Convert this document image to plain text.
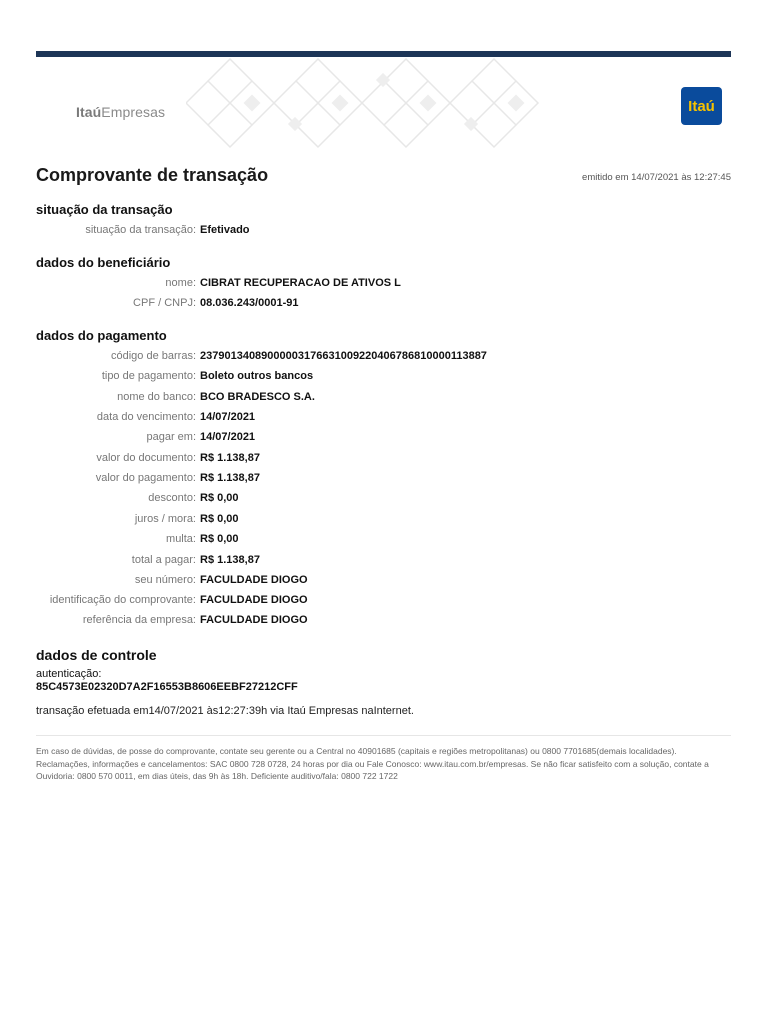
ItaúEmpresas	Itaú
Comprovante de transação	emitido em 14/07/2021 às 12:27:45
situação da transação
situação da transação: Efetivado
dados do beneficiário
nome: CIBRAT RECUPERACAO DE ATIVOS L
CPF / CNPJ: 08.036.243/0001-91
dados do pagamento
código de barras: 23790134089000003176631009220406786810000113887
tipo de pagamento: Boleto outros bancos
nome do banco: BCO BRADESCO S.A.
data do vencimento: 14/07/2021
pagar em: 14/07/2021
valor do documento: R$ 1.138,87
valor do pagamento: R$ 1.138,87
desconto: R$ 0,00
juros / mora: R$ 0,00
multa: R$ 0,00
total a pagar: R$ 1.138,87
seu número: FACULDADE DIOGO
identificação do comprovante: FACULDADE DIOGO
referência da empresa: FACULDADE DIOGO
dados de controle
autenticação:
85C4573E02320D7A2F16553B8606EEBF27212CFF
transação efetuada em14/07/2021 às12:27:39h via Itaú Empresas naInternet.
Em caso de dúvidas, de posse do comprovante, contate seu gerente ou a Central no 40901685 (capitais e regiões metropolitanas) ou 0800 7701685(demais localidades).
Reclamações, informações e cancelamentos: SAC 0800 728 0728, 24 horas por dia ou Fale Conosco: www.itau.com.br/empresas. Se não ficar satisfeito com a solução, contate a
Ouvidoria: 0800 570 0011, em dias úteis, das 9h às 18h. Deficiente auditivo/fala: 0800 722 1722
